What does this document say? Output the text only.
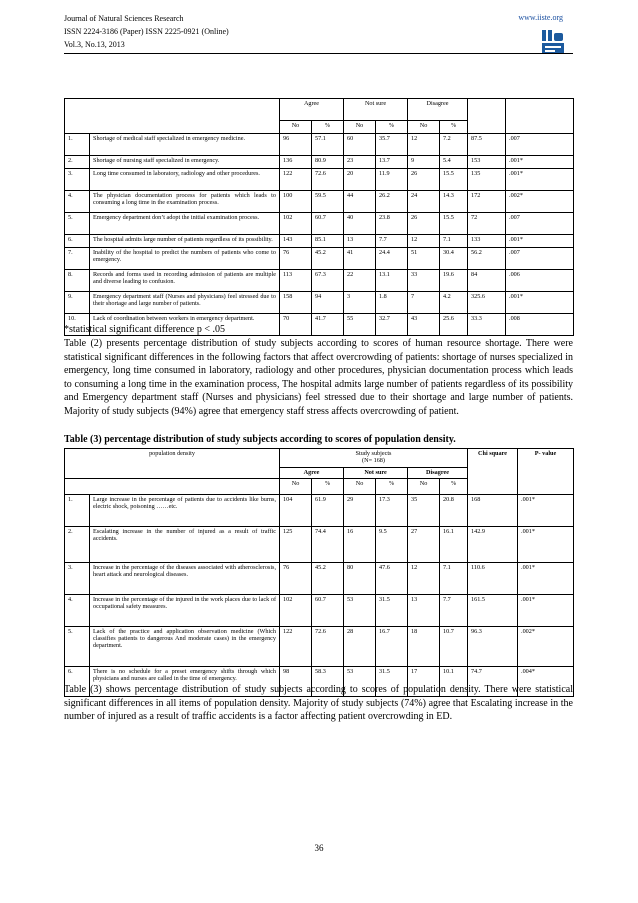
Journal of Natural Sciences Research
ISSN 2224-3186 (Paper) ISSN 2225-0921 (Online)
Vol.3, No.13, 2013
www.iiste.org
		Agree		Not sure		Disagree			
		No	%	No	%	No	%		
1.	Shortage of medical staff specialized in emergency medicine.	96	57.1	60	35.7	12	7.2	87.5	.007
2.	Shortage of nursing staff specialized in emergency.	136	80.9	23	13.7	9	5.4	153	.001*
3.	Long time consumed in laboratory, radiology and other procedures.	122	72.6	20	11.9	26	15.5	135	.001*
4.	The physician documentation process for patients which leads to consuming a long time in the examination process.	100	59.5	44	26.2	24	14.3	172	.002*
5.	Emergency department don’t adopt the initial examination process.	102	60.7	40	23.8	26	15.5	72	.007
6.	The hospital admits large number of patients regardless of its possibility.	143	85.1	13	7.7	12	7.1	133	.001*
7.	Inability of the hospital to predict the numbers of patients who come to emergency.	76	45.2	41	24.4	51	30.4	56.2	.007
8.	Records and forms used in recording admission of patients are multiple and diverse leading to confusion.	113	67.3	22	13.1	33	19.6	84	.006
9.	Emergency department staff (Nurses and physicians) feel stressed due to their shortage and large number of patients.	158	94	3	1.8	7	4.2	325.6	.001*
10.	Lack of coordination between workers in emergency department.	70	41.7	55	32.7	43	25.6	33.3	.008
*statistical significant difference p < .05
Table (2) presents percentage distribution of study subjects according to scores of human resource shortage. There were statistical significant differences in the following factors that affect overcrowding of patients: shortage of nurses specialized in emergency, long time consumed in laboratory, radiology and other procedures, physician documentation process which leads to consuming a long time in the examination process, The hospital admits large number of patients regardless of its possibility and Emergency department staff (Nurses and physicians) feel stressed due to their shortage and large number of patients. Majority of study subjects (94%) agree that emergency staff stress affects overcrowding of patient.
Table (3) percentage distribution of study subjects according to scores of population density.
population density		Study subjects
(N= 168)						Chi square	P- value
		Agree		Not sure		Disagree			
		No	%	No	%	No	%		
1.	Large increase in the percentage of patients due to accidents like burns, electric shock, poisoning ……etc.	104	61.9	29	17.3	35	20.8	168	.001*
2.	Escalating increase in the number of injured as a result of traffic accidents.	125	74.4	16	9.5	27	16.1	142.9	.001*
3.	Increase in the percentage of the diseases associated with atherosclerosis, heart attack and neurological diseases.	76	45.2	80	47.6	12	7.1	110.6	.001*
4.	Increase in the percentage of the injured in the work places due to lack of occupational safety measures.	102	60.7	53	31.5	13	7.7	161.5	.001*
5.	Lack of the practice and application observation medicine (Which classifies patients to dangerous And moderate cases) in the emergency department.	122	72.6	28	16.7	18	10.7	96.3	.002*
6.	There is no schedule for a preset emergency shifts through which physicians and nurses are called in the time of emergency.	98	58.3	53	31.5	17	10.1	74.7	.004*
Table (3) shows percentage distribution of study subjects according to scores of population density. There were statistical significant differences in all items of population density. Majority of study subjects (74%) agree that Escalating increase in the number of injured as a result of traffic accidents is a factor affecting patient overcrowding in ED.
36
